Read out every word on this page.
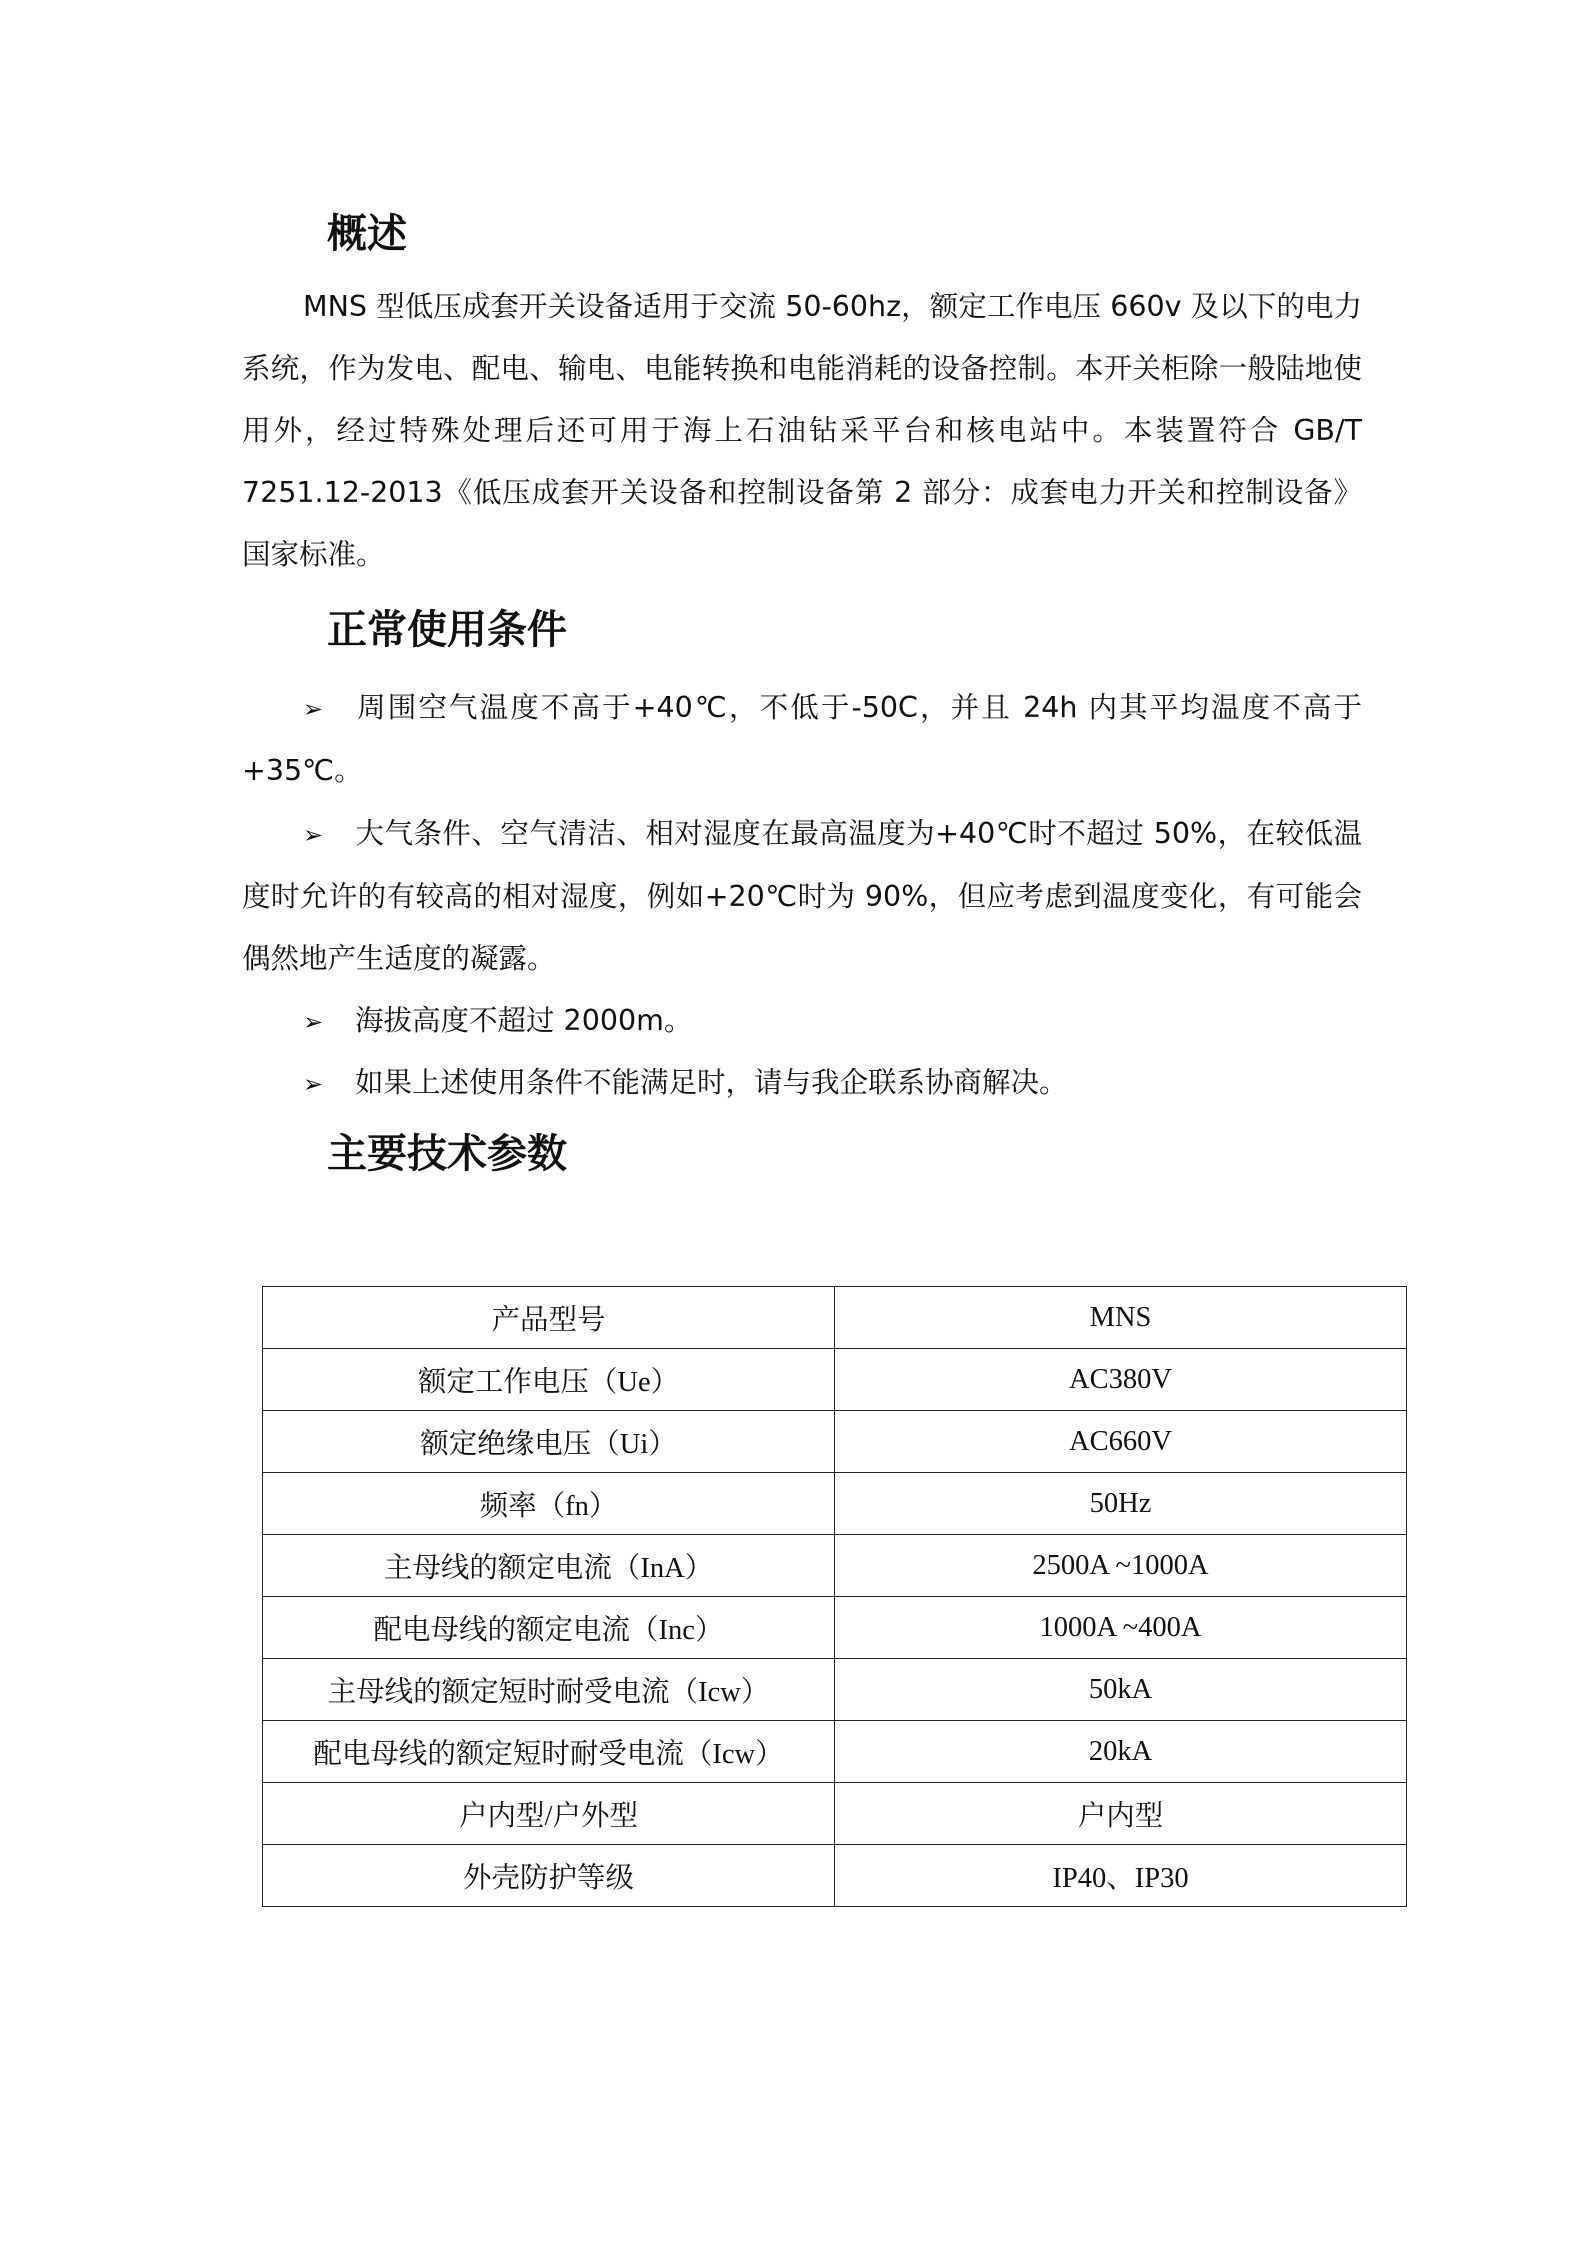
概述

MNS 型低压成套开关设备适用于交流 50-60hz，额定工作电压 660v 及以下的电力系统，作为发电、配电、输电、电能转换和电能消耗的设备控制。本开关柜除一般陆地使用外，经过特殊处理后还可用于海上石油钻采平台和核电站中。本装置符合 GB/T 7251.12-2013《低压成套开关设备和控制设备第 2 部分：成套电力开关和控制设备》国家标准。

正常使用条件

➢ 周围空气温度不高于+40℃，不低于-50C，并且 24h 内其平均温度不高于+35℃。

➢ 大气条件、空气清洁、相对湿度在最高温度为+40℃时不超过 50%，在较低温度时允许的有较高的相对湿度，例如+20℃时为 90%，但应考虑到温度变化，有可能会偶然地产生适度的凝露。

➢ 海拔高度不超过 2000m。

➢ 如果上述使用条件不能满足时，请与我企联系协商解决。

主要技术参数
产品型号	MNS
额定工作电压（Ue）	AC380V
额定绝缘电压（Ui）	AC660V
频率（fn）	50Hz
主母线的额定电流（InA）	2500A ~1000A
配电母线的额定电流（Inc）	1000A ~400A
主母线的额定短时耐受电流（Icw）	50kA
配电母线的额定短时耐受电流（Icw）	20kA
户内型/户外型	户内型
外壳防护等级	IP40、IP30
